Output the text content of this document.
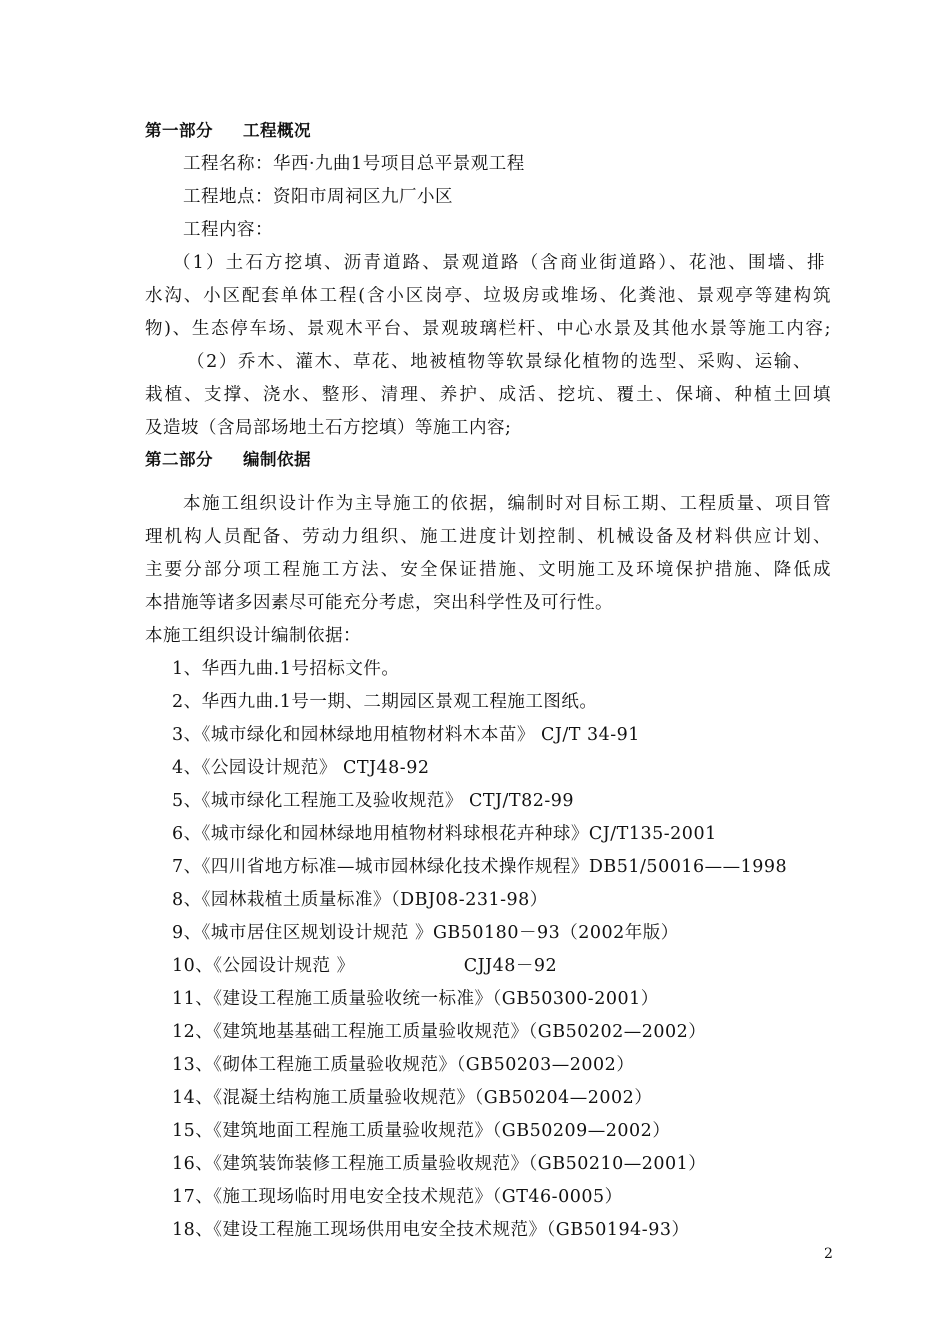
第一部分 工程概况
工程名称：华西·九曲1号项目总平景观工程
工程地点：资阳市周祠区九厂小区
工程内容：
（1）土石方挖填、沥青道路、景观道路（含商业街道路）、花池、围墙、排
水沟、小区配套单体工程(含小区岗亭、垃圾房或堆场、化粪池、景观亭等建构筑
物)、生态停车场、景观木平台、景观玻璃栏杆、中心水景及其他水景等施工内容;
（2）乔木、灌木、草花、地被植物等软景绿化植物的选型、采购、运输、
栽植、支撑、浇水、整形、清理、养护、成活、挖坑、覆土、保墒、种植土回填
及造坡（含局部场地土石方挖填）等施工内容;
第二部分 编制依据
本施工组织设计作为主导施工的依据，编制时对目标工期、工程质量、项目管
理机构人员配备、劳动力组织、施工进度计划控制、机械设备及材料供应计划、
主要分部分项工程施工方法、安全保证措施、文明施工及环境保护措施、降低成
本措施等诸多因素尽可能充分考虑，突出科学性及可行性。
本施工组织设计编制依据：
1、华西九曲.1号招标文件。
2、华西九曲.1号一期、二期园区景观工程施工图纸。
3、《城市绿化和园林绿地用植物材料木本苗》 CJ/T 34-91
4、《公园设计规范》 CTJ48-92
5、《城市绿化工程施工及验收规范》 CTJ/T82-99
6、《城市绿化和园林绿地用植物材料球根花卉种球》CJ/T135-2001
7、《四川省地方标准—城市园林绿化技术操作规程》DB51/50016——1998
8、《园林栽植土质量标准》（DBJ08-231-98）
9、《城市居住区规划设计规范 》GB50180－93（2002年版）
10、《公园设计规范 》                  CJJ48－92
11、《建设工程施工质量验收统一标准》（GB50300-2001）
12、《建筑地基基础工程施工质量验收规范》（GB50202—2002）
13、《砌体工程施工质量验收规范》（GB50203—2002）
14、《混凝土结构施工质量验收规范》（GB50204—2002）
15、《建筑地面工程施工质量验收规范》（GB50209—2002）
16、《建筑装饰装修工程施工质量验收规范》（GB50210—2001）
17、《施工现场临时用电安全技术规范》（GT46-0005）
18、《建设工程施工现场供用电安全技术规范》（GB50194-93）
2
